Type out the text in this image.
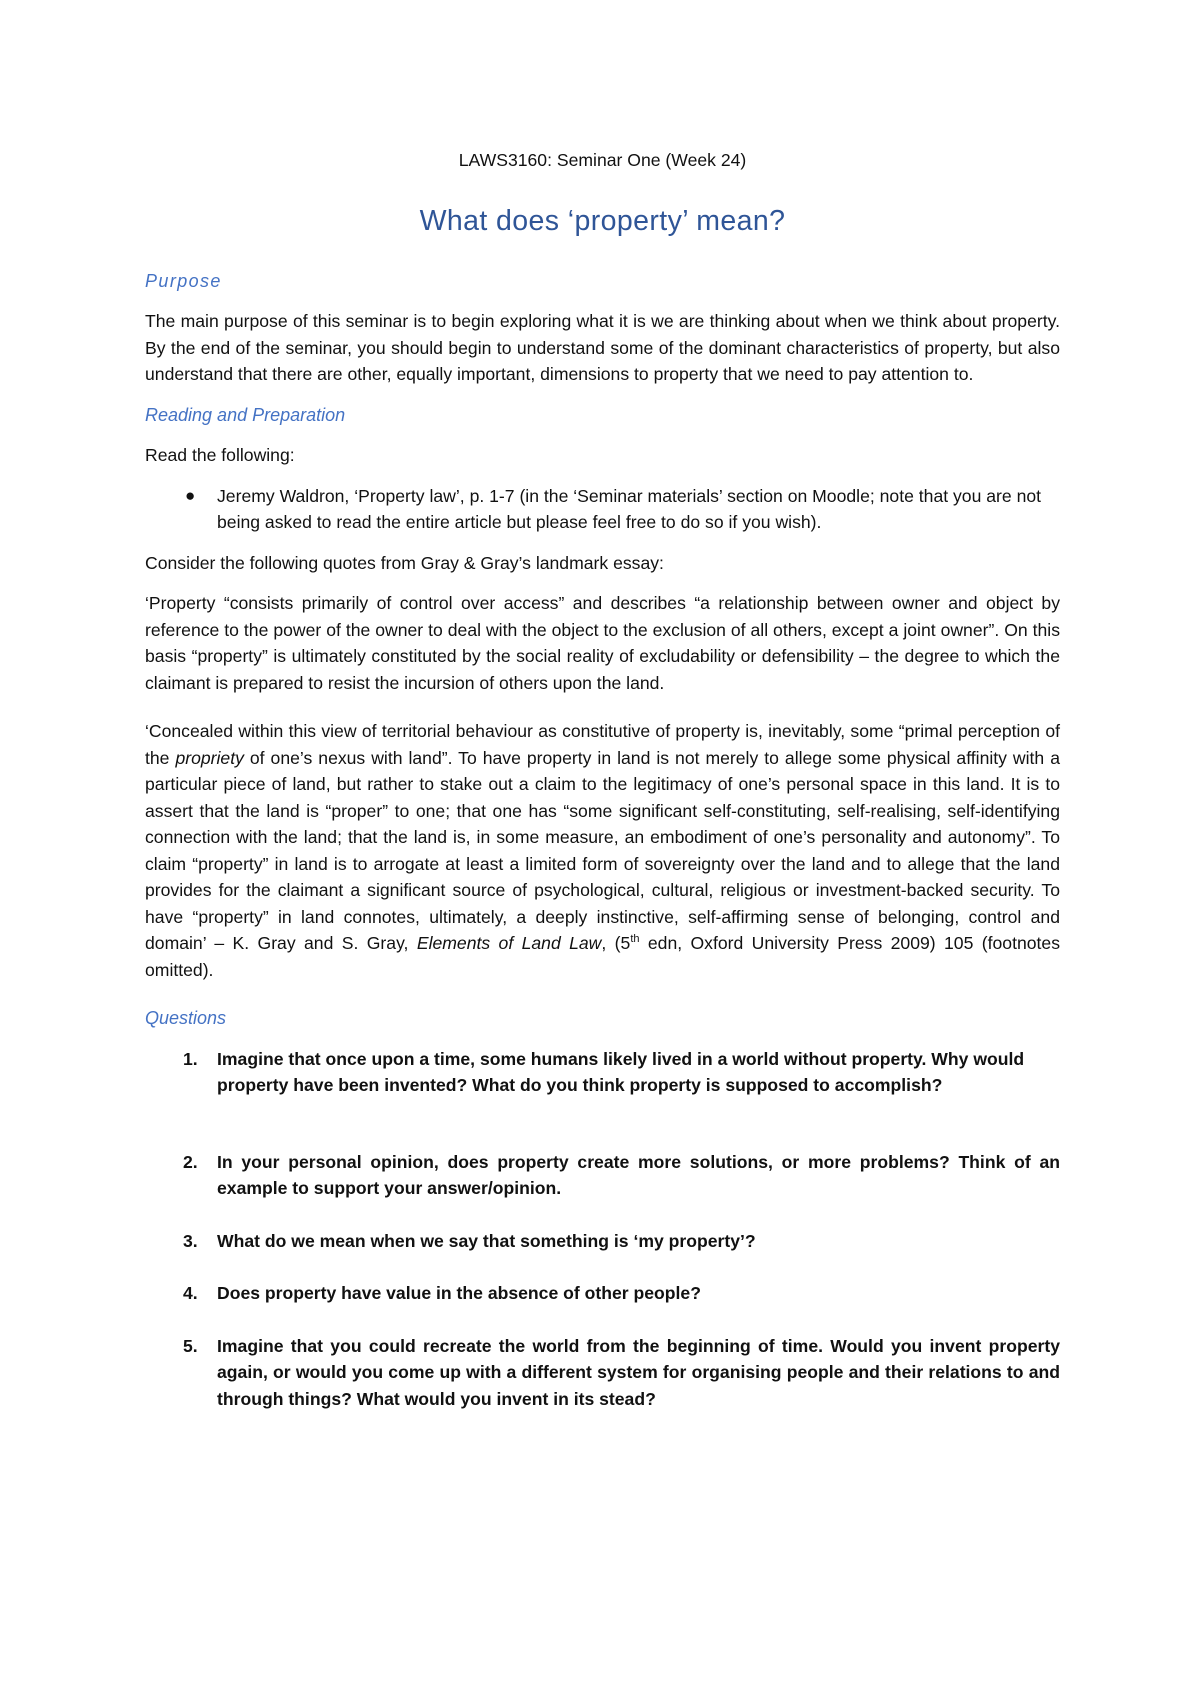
LAWS3160: Seminar One (Week 24)
What does ‘property’ mean?
Purpose

The main purpose of this seminar is to begin exploring what it is we are thinking about when we think about property. By the end of the seminar, you should begin to understand some of the dominant characteristics of property, but also understand that there are other, equally important, dimensions to property that we need to pay attention to.

Reading and Preparation

Read the following:

● Jeremy Waldron, ‘Property law’, p. 1-7 (in the ‘Seminar materials’ section on Moodle; note that you are not being asked to read the entire article but please feel free to do so if you wish).

Consider the following quotes from Gray & Gray’s landmark essay:

‘Property “consists primarily of control over access” and describes “a relationship between owner and object by reference to the power of the owner to deal with the object to the exclusion of all others, except a joint owner”. On this basis “property” is ultimately constituted by the social reality of excludability or defensibility – the degree to which the claimant is prepared to resist the incursion of others upon the land.

‘Concealed within this view of territorial behaviour as constitutive of property is, inevitably, some “primal perception of the propriety of one’s nexus with land”. To have property in land is not merely to allege some physical affinity with a particular piece of land, but rather to stake out a claim to the legitimacy of one’s personal space in this land. It is to assert that the land is “proper” to one; that one has “some significant self-constituting, self-realising, self-identifying connection with the land; that the land is, in some measure, an embodiment of one’s personality and autonomy”. To claim “property” in land is to arrogate at least a limited form of sovereignty over the land and to allege that the land provides for the claimant a significant source of psychological, cultural, religious or investment-backed security. To have “property” in land connotes, ultimately, a deeply instinctive, self-affirming sense of belonging, control and domain’ – K. Gray and S. Gray, Elements of Land Law, (5th edn, Oxford University Press 2009) 105 (footnotes omitted).

Questions
1. Imagine that once upon a time, some humans likely lived in a world without property. Why would property have been invented? What do you think property is supposed to accomplish?
2. In your personal opinion, does property create more solutions, or more problems? Think of an example to support your answer/opinion.
3. What do we mean when we say that something is ‘my property’?
4. Does property have value in the absence of other people?
5. Imagine that you could recreate the world from the beginning of time. Would you invent property again, or would you come up with a different system for organising people and their relations to and through things? What would you invent in its stead?
